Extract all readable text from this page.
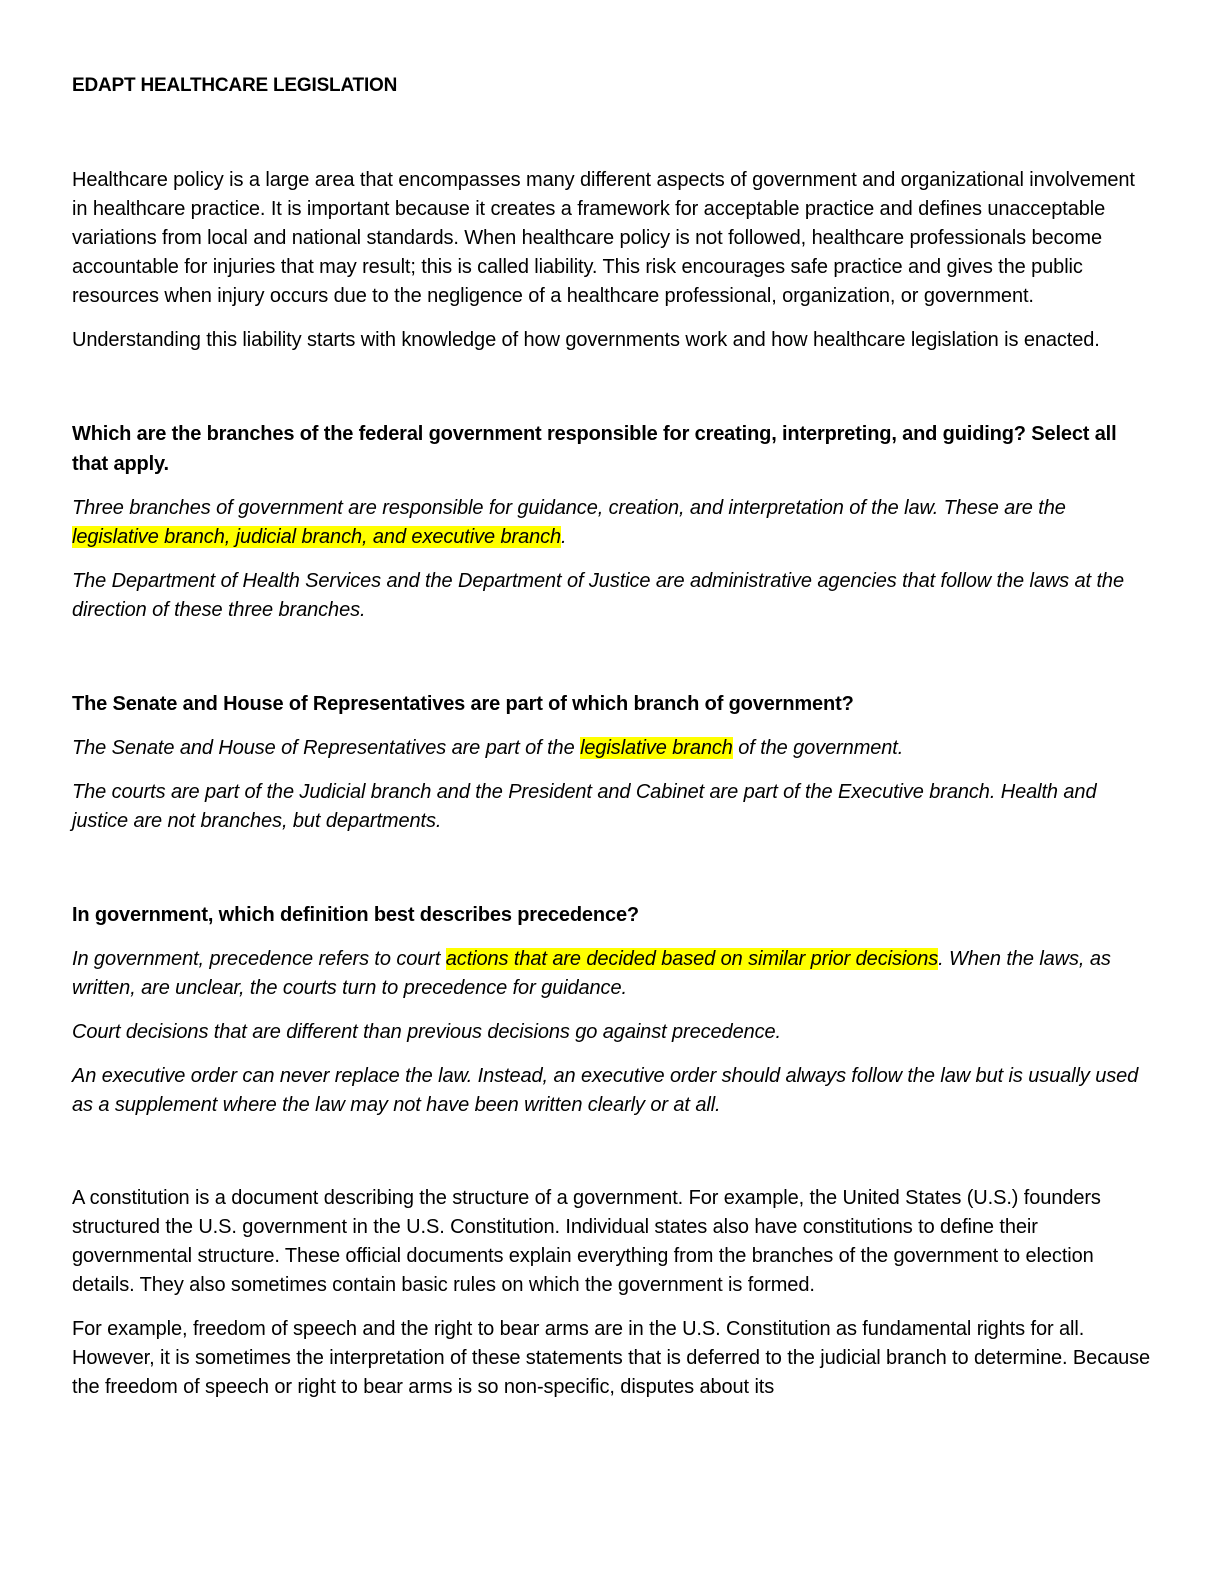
EDAPT HEALTHCARE LEGISLATION

Healthcare policy is a large area that encompasses many different aspects of government and organizational involvement in healthcare practice. It is important because it creates a framework for acceptable practice and defines unacceptable variations from local and national standards. When healthcare policy is not followed, healthcare professionals become accountable for injuries that may result; this is called liability. This risk encourages safe practice and gives the public resources when injury occurs due to the negligence of a healthcare professional, organization, or government.

Understanding this liability starts with knowledge of how governments work and how healthcare legislation is enacted.

Which are the branches of the federal government responsible for creating, interpreting, and guiding? Select all that apply.

Three branches of government are responsible for guidance, creation, and interpretation of the law. These are the legislative branch, judicial branch, and executive branch.

The Department of Health Services and the Department of Justice are administrative agencies that follow the laws at the direction of these three branches.

The Senate and House of Representatives are part of which branch of government?

The Senate and House of Representatives are part of the legislative branch of the government.

The courts are part of the Judicial branch and the President and Cabinet are part of the Executive branch. Health and justice are not branches, but departments.

In government, which definition best describes precedence?

In government, precedence refers to court actions that are decided based on similar prior decisions. When the laws, as written, are unclear, the courts turn to precedence for guidance.

Court decisions that are different than previous decisions go against precedence.

An executive order can never replace the law. Instead, an executive order should always follow the law but is usually used as a supplement where the law may not have been written clearly or at all.

A constitution is a document describing the structure of a government. For example, the United States (U.S.) founders structured the U.S. government in the U.S. Constitution. Individual states also have constitutions to define their governmental structure. These official documents explain everything from the branches of the government to election details. They also sometimes contain basic rules on which the government is formed.

For example, freedom of speech and the right to bear arms are in the U.S. Constitution as fundamental rights for all. However, it is sometimes the interpretation of these statements that is deferred to the judicial branch to determine. Because the freedom of speech or right to bear arms is so non-specific, disputes about its
